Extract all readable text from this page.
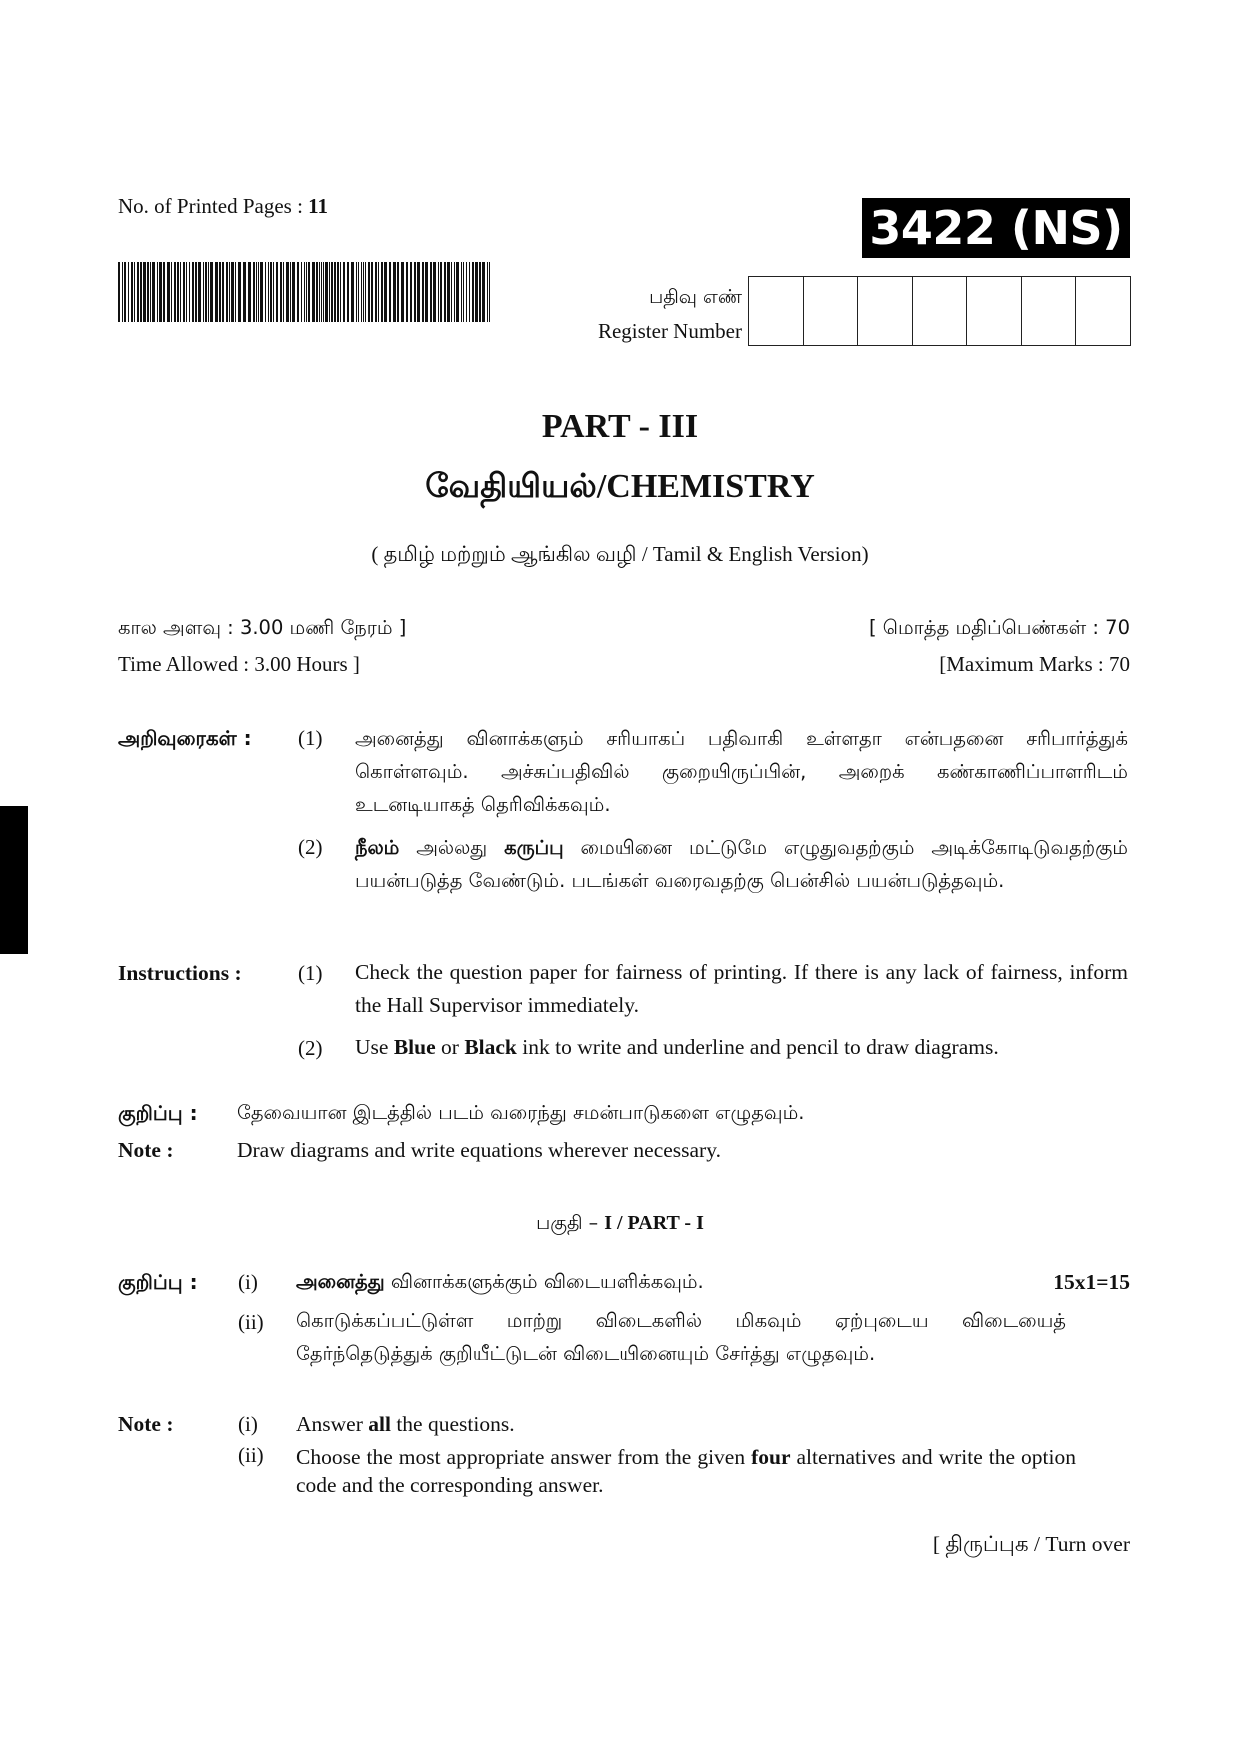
No. of Printed Pages : 11	3422 (NS)
பதிவு எண்
Register Number
PART - III
வேதியியல்/CHEMISTRY
( தமிழ் மற்றும் ஆங்கில வழி / Tamil & English Version)
கால அளவு : 3.00 மணி நேரம் ]	[ மொத்த மதிப்பெண்கள் : 70
Time Allowed : 3.00 Hours ]	[Maximum Marks : 70
அறிவுரைகள் : (1) அனைத்து வினாக்களும் சரியாகப் பதிவாகி உள்ளதா என்பதனை சரிபார்த்துக் கொள்ளவும். அச்சுப்பதிவில் குறையிருப்பின், அறைக் கண்காணிப்பாளரிடம் உடனடியாகத் தெரிவிக்கவும்.
(2) நீலம் அல்லது கருப்பு மையினை மட்டுமே எழுதுவதற்கும் அடிக்கோடிடுவதற்கும் பயன்படுத்த வேண்டும். படங்கள் வரைவதற்கு பென்சில் பயன்படுத்தவும்.
Instructions :	(1) Check the question paper for fairness of printing. If there is any lack of fairness, inform the Hall Supervisor immediately.
(2) Use Blue or Black ink to write and underline and pencil to draw diagrams.
குறிப்பு : தேவையான இடத்தில் படம் வரைந்து சமன்பாடுகளை எழுதவும்.
Note :	Draw diagrams and write equations wherever necessary.
பகுதி – I / PART - I
குறிப்பு : (i) அனைத்து வினாக்களுக்கும் விடையளிக்கவும்.	15x1=15
(ii) கொடுக்கப்பட்டுள்ள மாற்று விடைகளில் மிகவும் ஏற்புடைய விடையைத் தேர்ந்தெடுத்துக் குறியீட்டுடன் விடையினையும் சேர்த்து எழுதவும்.
Note :	(i) Answer all the questions.
(ii) Choose the most appropriate answer from the given four alternatives and write the option code and the corresponding answer.
[ திருப்புக / Turn over
